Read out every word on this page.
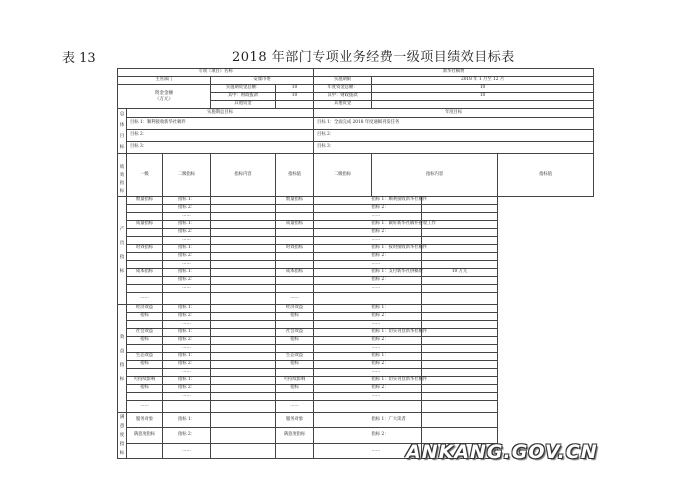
表 13	2018 年部门专项业务经费一级项目绩效目标表
专项（项目）名称					新华社稿费			
主管部门			安康市委		实施期限	2018 年 1 月至 12 月		

资金金额
（万元）			实施期资金总额：	10	年度资金总额：	10		
			其中：财政拨款	10	其中：财政拨款	10		
			其他资金		其他资金			
总体目标	实施期总目标				年度目标			
	目标 1：顺利接收新华社稿件				目标 1：全面完成 2018 年度通稿刊发任务			
	目标 2：				目标 2：			
	目标 3：				目标 3：			
绩效指标	一级	二级指标	指标内容	指标值	二级指标	指标内容		指标值
产出指标	数量指标	指标 1：		数量指标		指标 1：顺利接收新华社稿件		
		指标 2：				指标 2：		
		……				……		
	质量指标	指标 1：		质量指标		指标 1：做好新华社稿件接收工作		
		指标 2：				指标 2：		
		……				……		
	时效指标	指标 1：		时效指标		指标 1：按时接收新华社稿件		
		指标 2：				指标 2：		
		……				……		
	成本指标	指标 1：		成本指标		指标 1：支付新华社供稿费	10 万元	
		指标 2：				指标 2：		
		……				……		
	……			……				
效益指标	经济效益	指标 1：		经济效益		指标 1：		
	指标	指标 2：		指标		指标 2：		
		……				……		
	社会效益	指标 1：		社会效益		指标 1：切实刊登新华社稿件		
	指标	指标 2：		指标		指标 2：		
		……				……		
	生态效益	指标 1：		生态效益		指标 1：		
	指标	指标 2：		指标		指标 2：		
		……				……		
	可持续影响	指标 1：		可持续影响		指标 1：切实刊登新华社稿件		
	指标	指标 2：		指标		指标 2：		
		……				……		
	……			……				
满意度指标	服务对象	指标 1：		服务对象		指标 1：广大读者		
	满意度指标	指标 2：		满意度指标		指标 2：		
		……				……		ANKANG.GOV.CN
